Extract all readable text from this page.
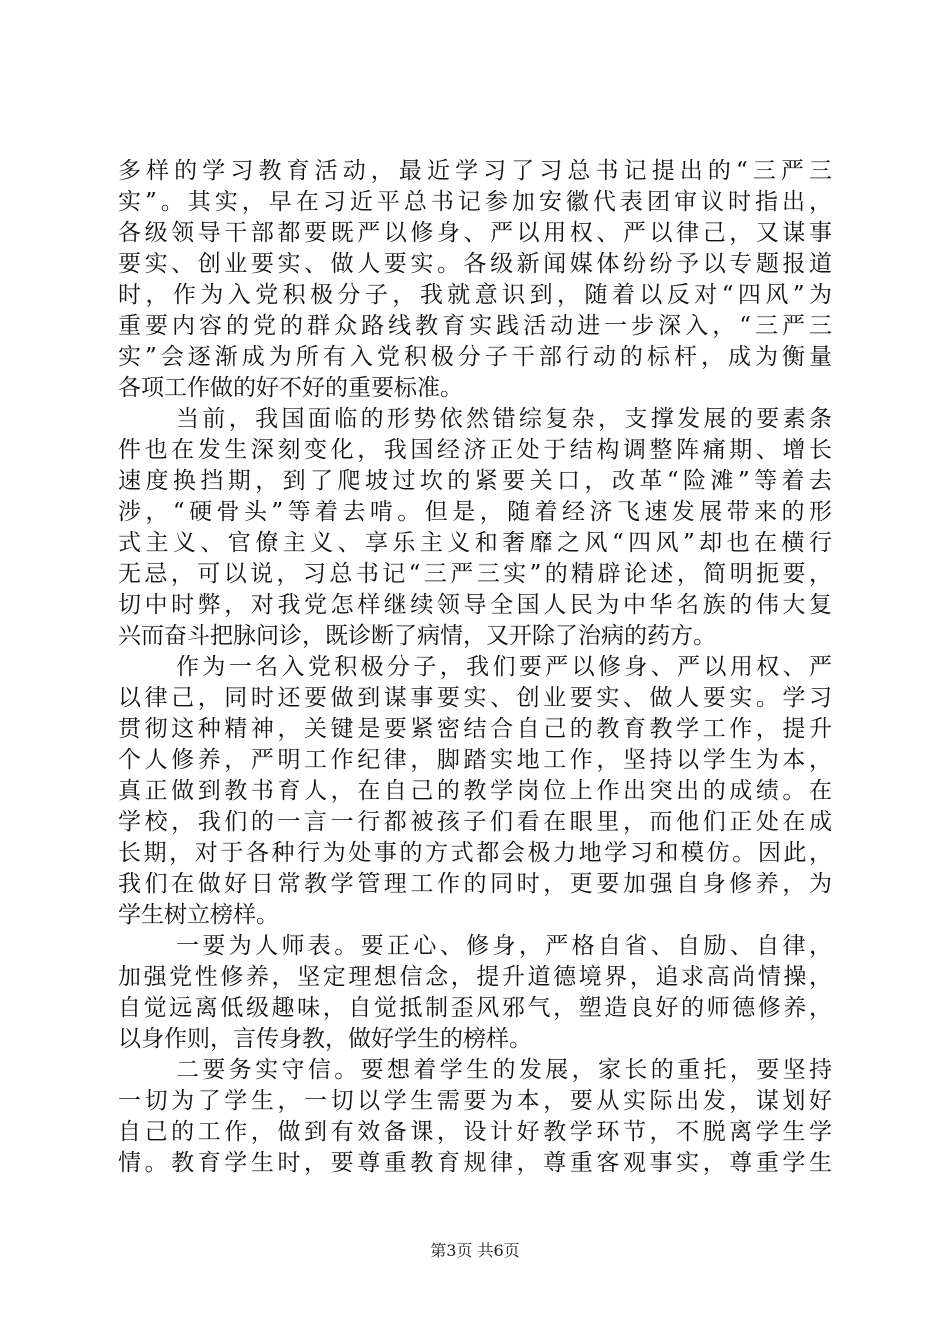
多样的学习教育活动，最近学习了习总书记提出的“三严三
实”。其实，早在习近平总书记参加安徽代表团审议时指出，
各级领导干部都要既严以修身、严以用权、严以律己，又谋事
要实、创业要实、做人要实。各级新闻媒体纷纷予以专题报道
时，作为入党积极分子，我就意识到，随着以反对“四风”为
重要内容的党的群众路线教育实践活动进一步深入，“三严三
实”会逐渐成为所有入党积极分子干部行动的标杆，成为衡量
各项工作做的好不好的重要标准。
当前，我国面临的形势依然错综复杂，支撑发展的要素条
件也在发生深刻变化，我国经济正处于结构调整阵痛期、增长
速度换挡期，到了爬坡过坎的紧要关口，改革“险滩”等着去
涉，“硬骨头”等着去啃。但是，随着经济飞速发展带来的形
式主义、官僚主义、享乐主义和奢靡之风“四风”却也在横行
无忌，可以说，习总书记“三严三实”的精辟论述，简明扼要，
切中时弊，对我党怎样继续领导全国人民为中华名族的伟大复
兴而奋斗把脉问诊，既诊断了病情，又开除了治病的药方。
作为一名入党积极分子，我们要严以修身、严以用权、严
以律己，同时还要做到谋事要实、创业要实、做人要实。学习
贯彻这种精神，关键是要紧密结合自己的教育教学工作，提升
个人修养，严明工作纪律，脚踏实地工作，坚持以学生为本，
真正做到教书育人，在自己的教学岗位上作出突出的成绩。在
学校，我们的一言一行都被孩子们看在眼里，而他们正处在成
长期，对于各种行为处事的方式都会极力地学习和模仿。因此，
我们在做好日常教学管理工作的同时，更要加强自身修养，为
学生树立榜样。
一要为人师表。要正心、修身，严格自省、自励、自律，
加强党性修养，坚定理想信念，提升道德境界，追求高尚情操，
自觉远离低级趣味，自觉抵制歪风邪气，塑造良好的师德修养，
以身作则，言传身教，做好学生的榜样。
二要务实守信。要想着学生的发展，家长的重托，要坚持
一切为了学生，一切以学生需要为本，要从实际出发，谋划好
自己的工作，做到有效备课，设计好教学环节，不脱离学生学
情。教育学生时，要尊重教育规律，尊重客观事实，尊重学生
第3页 共6页
